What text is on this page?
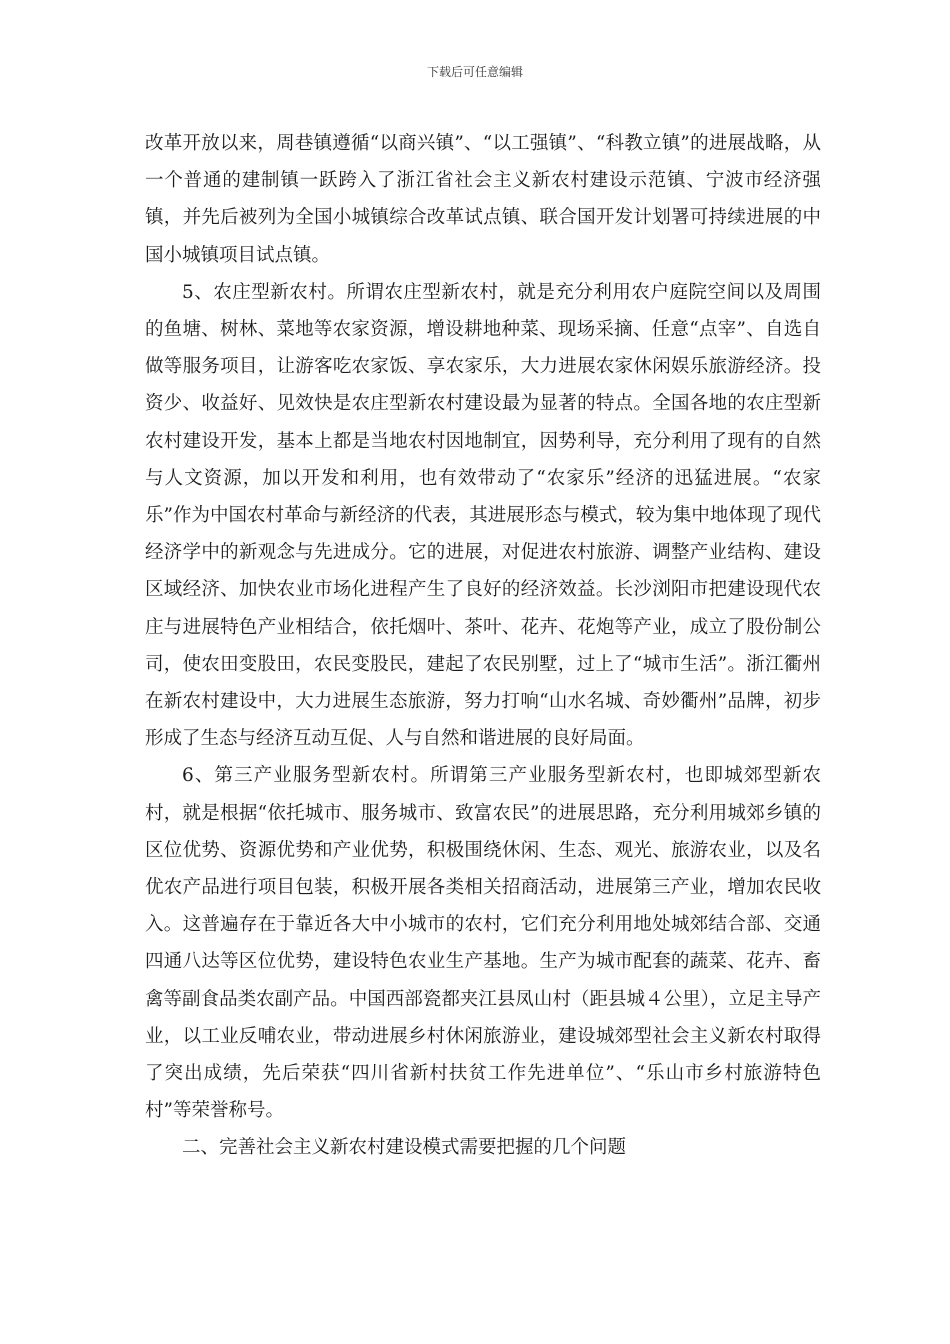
下载后可任意编辑

改革开放以来，周巷镇遵循“以商兴镇”、“以工强镇”、“科教立镇”的进展战略，从一个普通的建制镇一跃跨入了浙江省社会主义新农村建设示范镇、宁波市经济强镇，并先后被列为全国小城镇综合改革试点镇、联合国开发计划署可持续进展的中国小城镇项目试点镇。

5、农庄型新农村。所谓农庄型新农村，就是充分利用农户庭院空间以及周围的鱼塘、树林、菜地等农家资源，增设耕地种菜、现场采摘、任意“点宰”、自选自做等服务项目，让游客吃农家饭、享农家乐，大力进展农家休闲娱乐旅游经济。投资少、收益好、见效快是农庄型新农村建设最为显著的特点。全国各地的农庄型新农村建设开发，基本上都是当地农村因地制宜，因势利导，充分利用了现有的自然与人文资源，加以开发和利用，也有效带动了“农家乐”经济的迅猛进展。“农家乐”作为中国农村革命与新经济的代表，其进展形态与模式，较为集中地体现了现代经济学中的新观念与先进成分。它的进展，对促进农村旅游、调整产业结构、建设区域经济、加快农业市场化进程产生了良好的经济效益。长沙浏阳市把建设现代农庄与进展特色产业相结合，依托烟叶、茶叶、花卉、花炮等产业，成立了股份制公司，使农田变股田，农民变股民，建起了农民别墅，过上了“城市生活”。浙江衢州在新农村建设中，大力进展生态旅游，努力打响“山水名城、奇妙衢州”品牌，初步形成了生态与经济互动互促、人与自然和谐进展的良好局面。

6、第三产业服务型新农村。所谓第三产业服务型新农村，也即城郊型新农村，就是根据“依托城市、服务城市、致富农民”的进展思路，充分利用城郊乡镇的区位优势、资源优势和产业优势，积极围绕休闲、生态、观光、旅游农业，以及名优农产品进行项目包装，积极开展各类相关招商活动，进展第三产业，增加农民收入。这普遍存在于靠近各大中小城市的农村，它们充分利用地处城郊结合部、交通四通八达等区位优势，建设特色农业生产基地。生产为城市配套的蔬菜、花卉、畜禽等副食品类农副产品。中国西部瓷都夹江县凤山村（距县城４公里），立足主导产业，以工业反哺农业，带动进展乡村休闲旅游业，建设城郊型社会主义新农村取得了突出成绩，先后荣获“四川省新村扶贫工作先进单位”、“乐山市乡村旅游特色村”等荣誉称号。

二、完善社会主义新农村建设模式需要把握的几个问题
